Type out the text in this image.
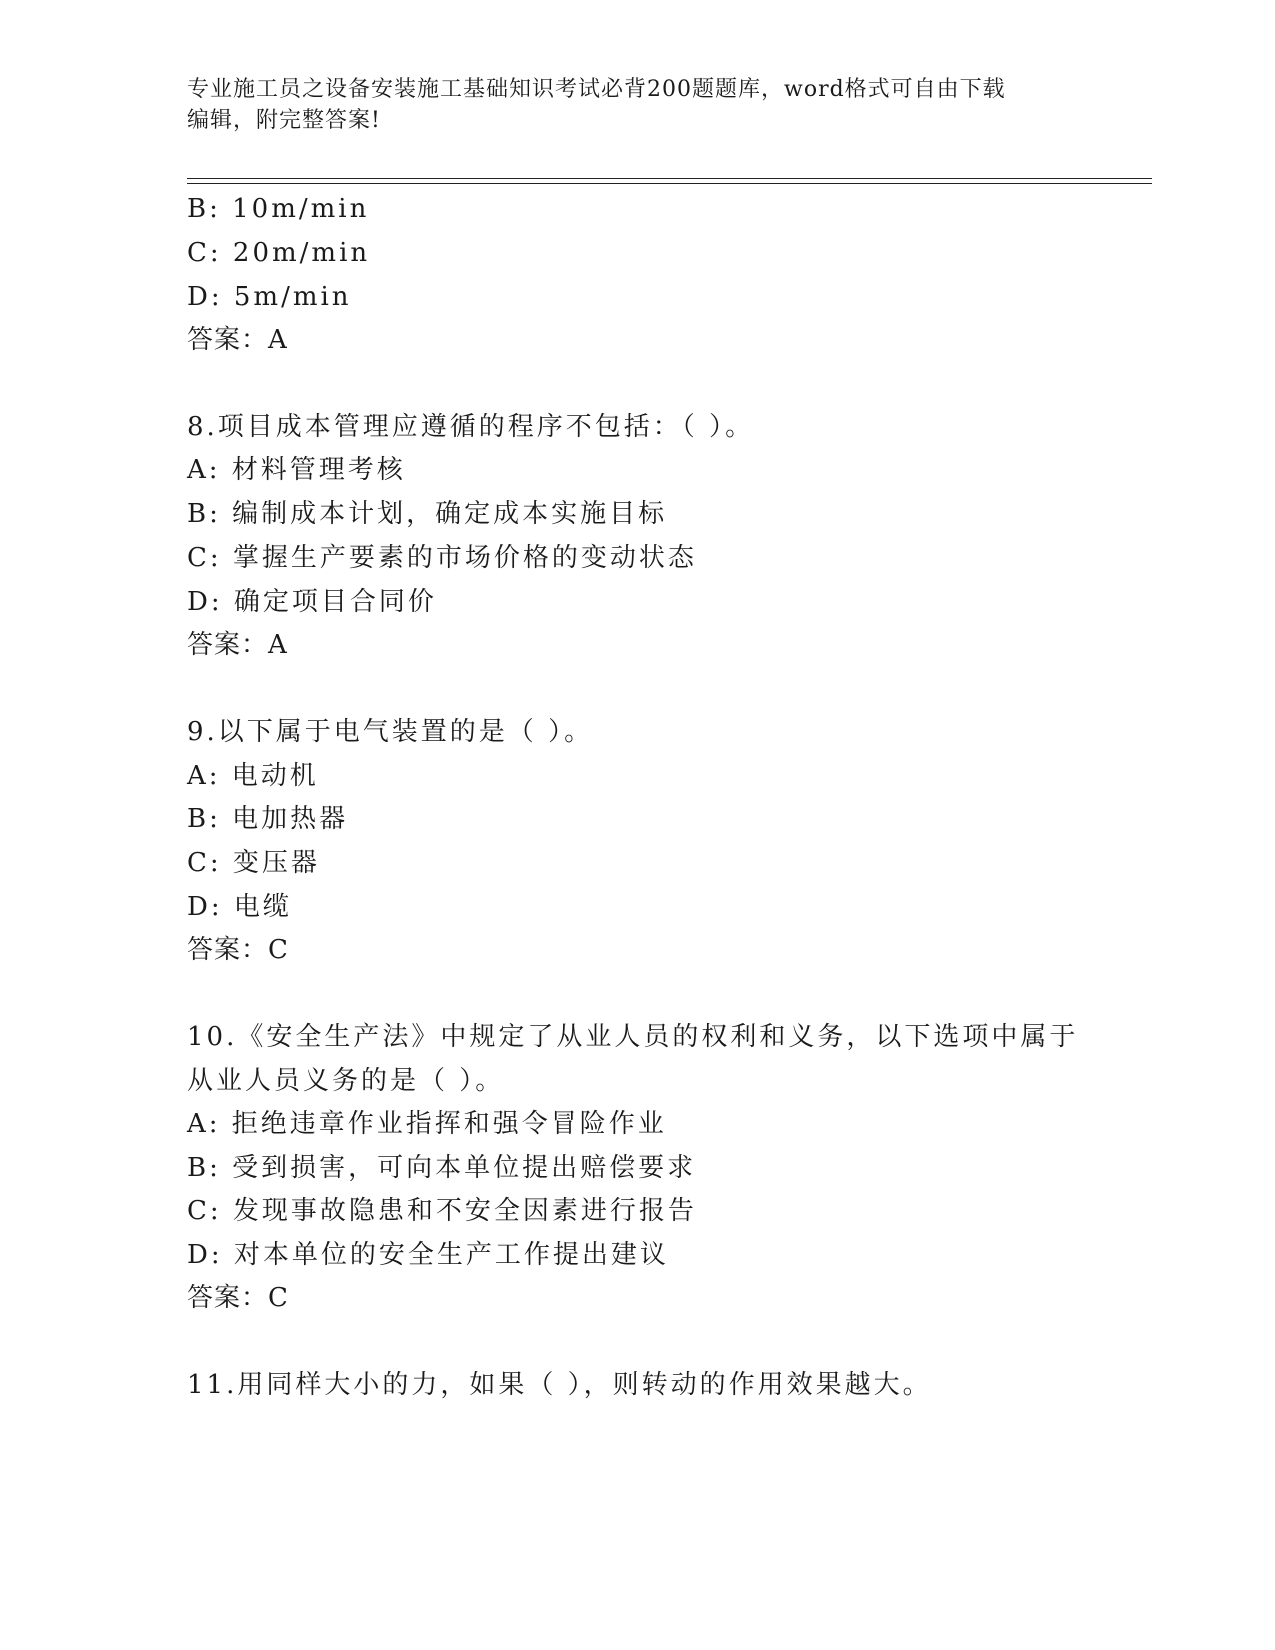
专业施工员之设备安装施工基础知识考试必背200题题库，word格式可自由下载
编辑，附完整答案!
B: 10m/min
C: 20m/min
D: 5m/min
答案：A
8.项目成本管理应遵循的程序不包括：（ ）。
A: 材料管理考核
B: 编制成本计划，确定成本实施目标
C: 掌握生产要素的市场价格的变动状态
D: 确定项目合同价
答案：A
9.以下属于电气装置的是（ ）。
A: 电动机
B: 电加热器
C: 变压器
D: 电缆
答案：C
10.《安全生产法》中规定了从业人员的权利和义务，以下选项中属于
从业人员义务的是（ ）。
A: 拒绝违章作业指挥和强令冒险作业
B: 受到损害，可向本单位提出赔偿要求
C: 发现事故隐患和不安全因素进行报告
D: 对本单位的安全生产工作提出建议
答案：C
11.用同样大小的力，如果（ ），则转动的作用效果越大。
